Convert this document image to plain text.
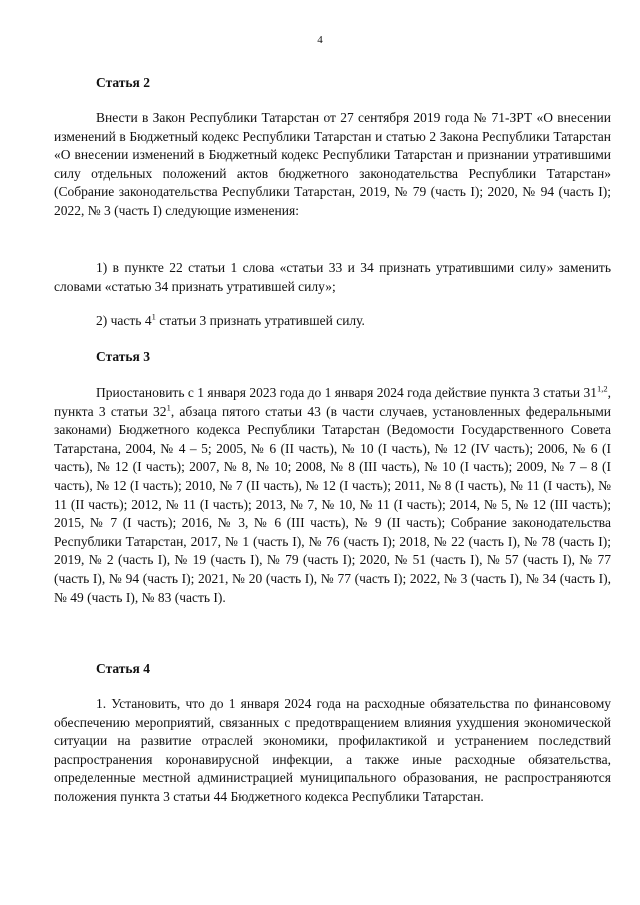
4
Статья 2

Внести в Закон Республики Татарстан от 27 сентября 2019 года № 71-ЗРТ «О внесении изменений в Бюджетный кодекс Республики Татарстан и статью 2 Закона Республики Татарстан «О внесении изменений в Бюджетный кодекс Республики Татарстан и признании утратившими силу отдельных положений актов бюджетного законодательства Республики Татарстан» (Собрание законодательства Республики Татарстан, 2019, № 79 (часть I); 2020, № 94 (часть I); 2022, № 3 (часть I) следующие изменения:

1) в пункте 22 статьи 1 слова «статьи 33 и 34 признать утратившими силу» заменить словами «статью 34 признать утратившей силу»;

2) часть $4^1$ статьи 3 признать утратившей силу.

Статья 3

Приостановить с 1 января 2023 года до 1 января 2024 года действие пункта 3 статьи 31$^{1,2}$, пункта 3 статьи $32^1$, абзаца пятого статьи 43 (в части случаев, установленных федеральными законами) Бюджетного кодекса Республики Татарстан (Ведомости Государственного Совета Татарстана, 2004, № 4 – 5; 2005, № 6 (II часть), № 10 (I часть), № 12 (IV часть); 2006, № 6 (I часть), № 12 (I часть); 2007, № 8, № 10; 2008, № 8 (III часть), № 10 (I часть); 2009, № 7 – 8 (I часть), № 12 (I часть); 2010, № 7 (II часть), № 12 (I часть); 2011, № 8 (I часть), № 11 (I часть), № 11 (II часть); 2012, № 11 (I часть); 2013, № 7, № 10, № 11 (I часть); 2014, № 5, № 12 (III часть); 2015, № 7 (I часть); 2016, № 3, № 6 (III часть), № 9 (II часть); Собрание законодательства Республики Татарстан, 2017, № 1 (часть I), № 76 (часть I); 2018, № 22 (часть I), № 78 (часть I); 2019, № 2 (часть I), № 19 (часть I), № 79 (часть I); 2020, № 51 (часть I), № 57 (часть I), № 77 (часть I), № 94 (часть I); 2021, № 20 (часть I), № 77 (часть I); 2022, № 3 (часть I), № 34 (часть I), № 49 (часть I), № 83 (часть I).

Статья 4

1. Установить, что до 1 января 2024 года на расходные обязательства по финансовому обеспечению мероприятий, связанных с предотвращением влияния ухудшения экономической ситуации на развитие отраслей экономики, профилактикой и устранением последствий распространения коронавирусной инфекции, а также иные расходные обязательства, определенные местной администрацией муниципального образования, не распространяются положения пункта 3 статьи 44 Бюджетного кодекса Республики Татарстан.
